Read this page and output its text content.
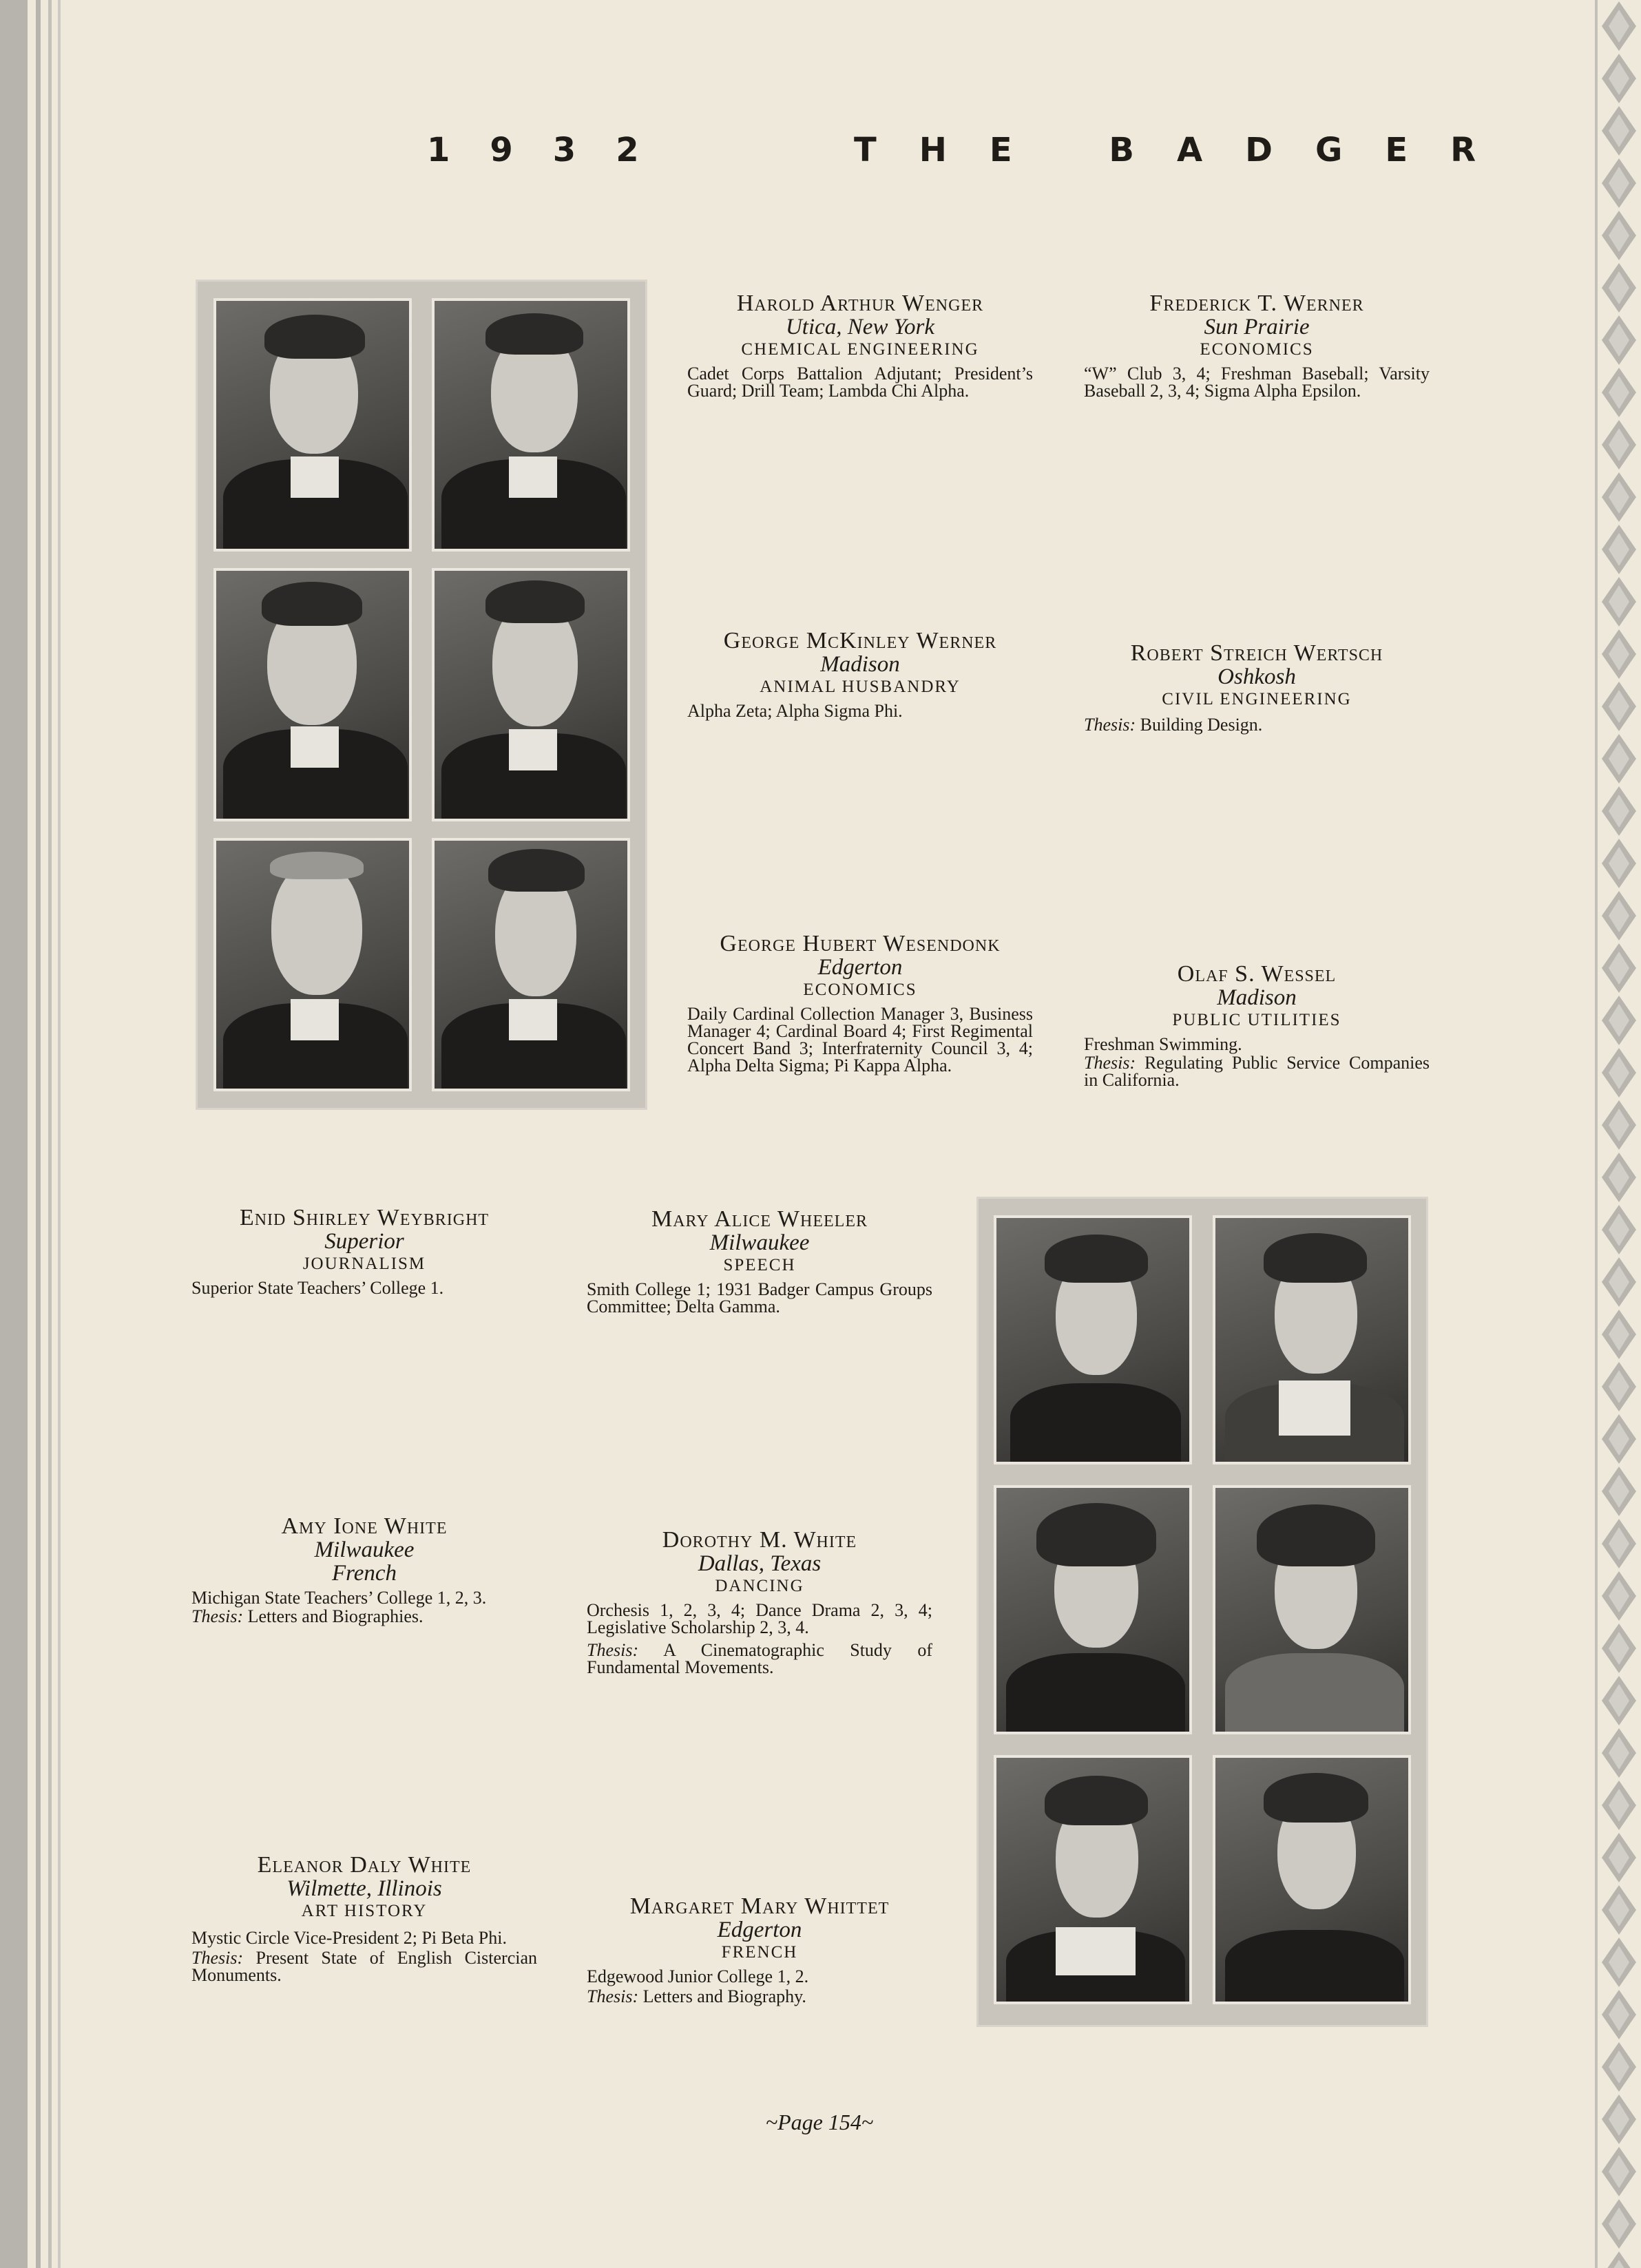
1932	THE BADGER
Harold Arthur Wenger
Utica, New York
CHEMICAL ENGINEERING
Cadet Corps Battalion Adjutant; President’s Guard; Drill Team; Lambda Chi Alpha.
Frederick T. Werner
Sun Prairie
ECONOMICS
“W” Club 3, 4; Freshman Baseball; Varsity Baseball 2, 3, 4; Sigma Alpha Epsilon.
George McKinley Werner
Madison
ANIMAL HUSBANDRY
Alpha Zeta; Alpha Sigma Phi.
Robert Streich Wertsch
Oshkosh
CIVIL ENGINEERING
Thesis: Building Design.
George Hubert Wesendonk
Edgerton
ECONOMICS
Daily Cardinal Collection Manager 3, Business Manager 4; Cardinal Board 4; First Regimental Concert Band 3; Interfraternity Council 3, 4; Alpha Delta Sigma; Pi Kappa Alpha.
Olaf S. Wessel
Madison
PUBLIC UTILITIES
Freshman Swimming.
Thesis: Regulating Public Service Companies in California.
Enid Shirley Weybright
Superior
JOURNALISM
Superior State Teachers’ College 1.
Mary Alice Wheeler
Milwaukee
SPEECH
Smith College 1; 1931 Badger Campus Groups Committee; Delta Gamma.
Amy Ione White
Milwaukee
French
Michigan State Teachers’ College 1, 2, 3.
Thesis: Letters and Biographies.
Dorothy M. White
Dallas, Texas
DANCING
Orchesis 1, 2, 3, 4; Dance Drama 2, 3, 4; Legislative Scholarship 2, 3, 4.
Thesis: A Cinematographic Study of Fundamental Movements.
Eleanor Daly White
Wilmette, Illinois
ART HISTORY
Mystic Circle Vice-President 2; Pi Beta Phi.
Thesis: Present State of English Cistercian Monuments.
Margaret Mary Whittet
Edgerton
FRENCH
Edgewood Junior College 1, 2.
Thesis: Letters and Biography.
~Page 154~
